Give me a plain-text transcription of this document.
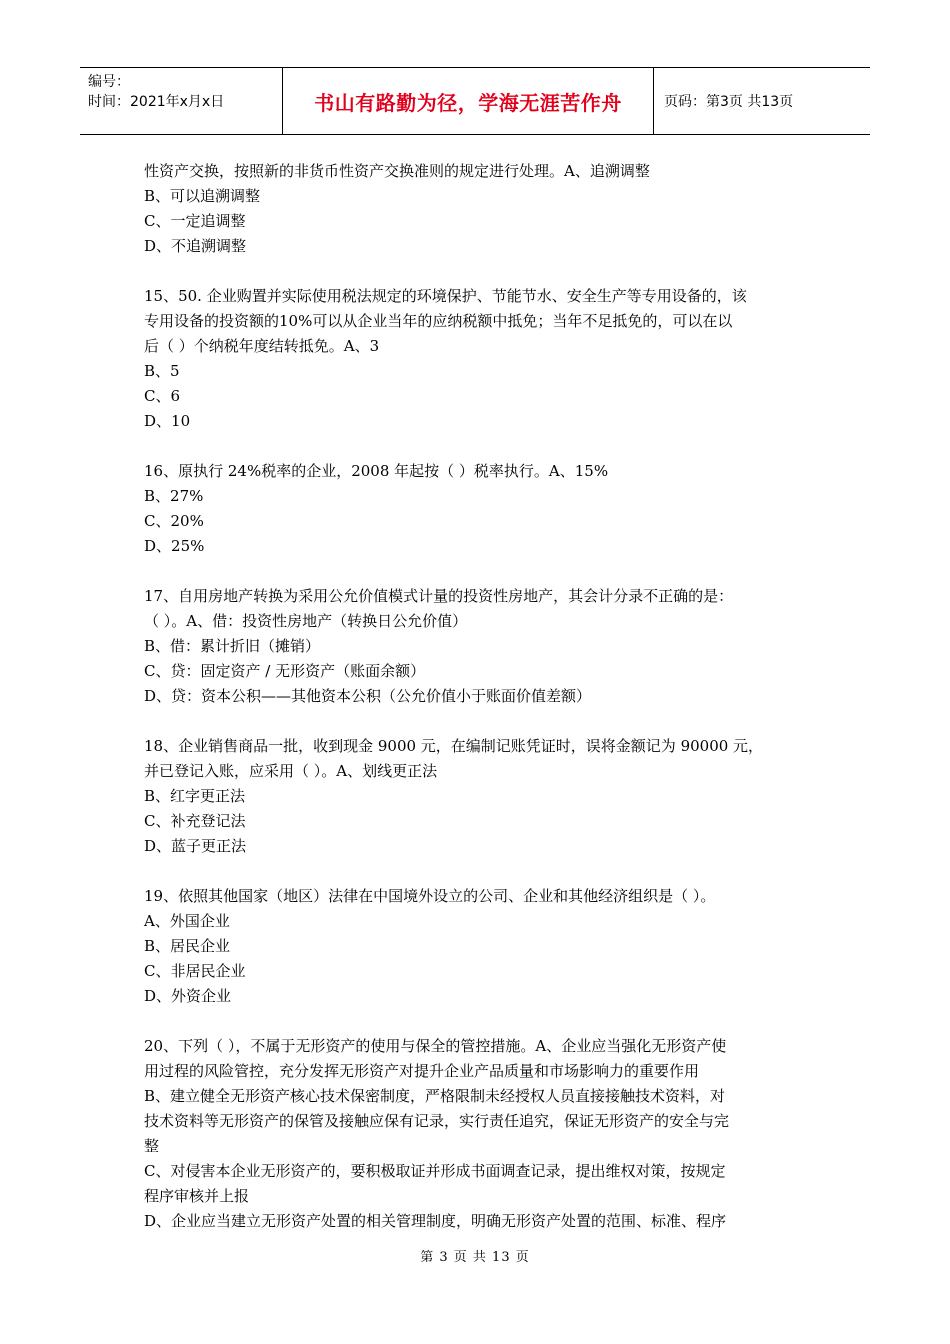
编号：
时间：2021年x月x日	书山有路勤为径，学海无涯苦作舟	页码：第3页 共13页
性资产交换，按照新的非货币性资产交换准则的规定进行处理。A、追溯调整
B、可以追溯调整
C、一定追调整
D、不追溯调整
15、50. 企业购置并实际使用税法规定的环境保护、节能节水、安全生产等专用设备的，该
专用设备的投资额的10%可以从企业当年的应纳税额中抵免；当年不足抵免的，可以在以
后（ ）个纳税年度结转抵免。A、3
B、5
C、6
D、10
16、原执行 24%税率的企业，2008 年起按（ ）税率执行。A、15%
B、27%
C、20%
D、25%
17、自用房地产转换为采用公允价值模式计量的投资性房地产，其会计分录不正确的是：
（ ）。A、借：投资性房地产（转换日公允价值）
B、借：累计折旧（摊销）
C、贷：固定资产 / 无形资产（账面余额）
D、贷：资本公积——其他资本公积（公允价值小于账面价值差额）
18、企业销售商品一批，收到现金 9000 元，在编制记账凭证时，误将金额记为 90000 元，
并已登记入账，应采用（ ）。A、划线更正法
B、红字更正法
C、补充登记法
D、蓝子更正法
19、依照其他国家（地区）法律在中国境外设立的公司、企业和其他经济组织是（ ）。
A、外国企业
B、居民企业
C、非居民企业
D、外资企业
20、下列（ ），不属于无形资产的使用与保全的管控措施。A、企业应当强化无形资产使
用过程的风险管控，充分发挥无形资产对提升企业产品质量和市场影响力的重要作用
B、建立健全无形资产核心技术保密制度，严格限制未经授权人员直接接触技术资料，对
技术资料等无形资产的保管及接触应保有记录，实行责任追究，保证无形资产的安全与完
整
C、对侵害本企业无形资产的，要积极取证并形成书面调查记录，提出维权对策，按规定
程序审核并上报
D、企业应当建立无形资产处置的相关管理制度，明确无形资产处置的范围、标准、程序
第 3 页 共 13 页
